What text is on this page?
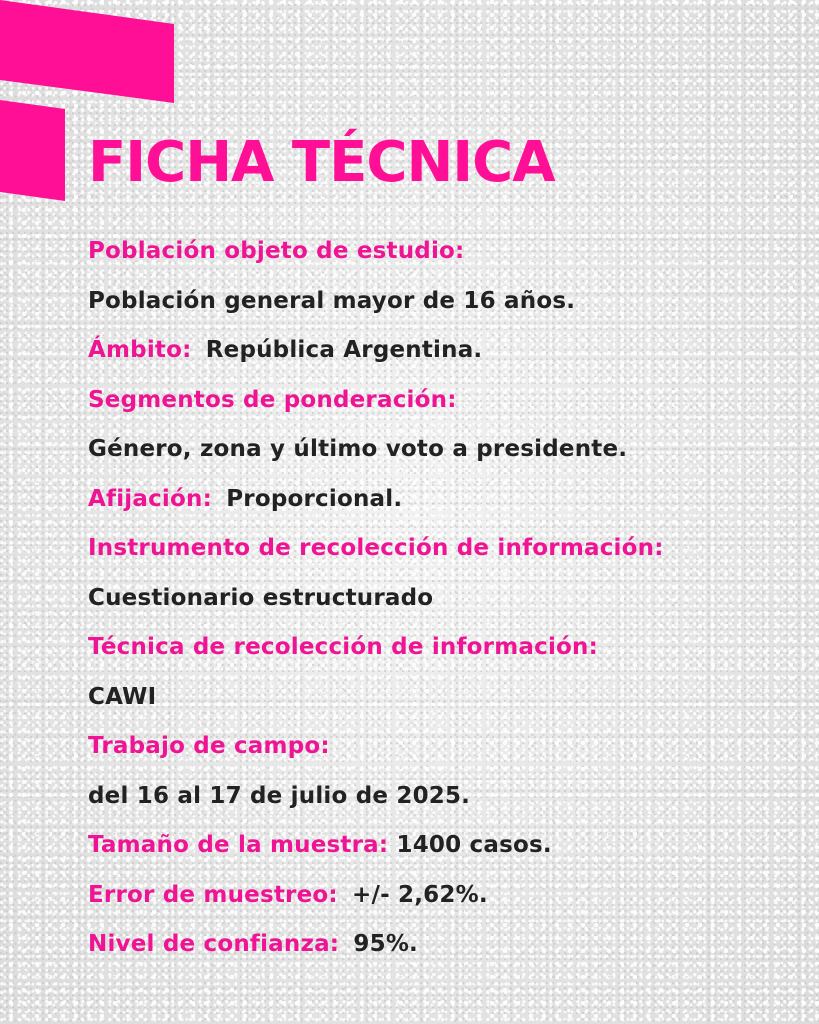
FICHA TÉCNICA
Población objeto de estudio:
Población general mayor de 16 años.
Ámbito: República Argentina.
Segmentos de ponderación:
Género, zona y último voto a presidente.
Afijación: Proporcional.
Instrumento de recolección de información:
Cuestionario estructurado
Técnica de recolección de información:
CAWI
Trabajo de campo:
del 16 al 17 de julio de 2025.
Tamaño de la muestra: 1400 casos.
Error de muestreo: +/- 2,62%.
Nivel de confianza: 95%.
